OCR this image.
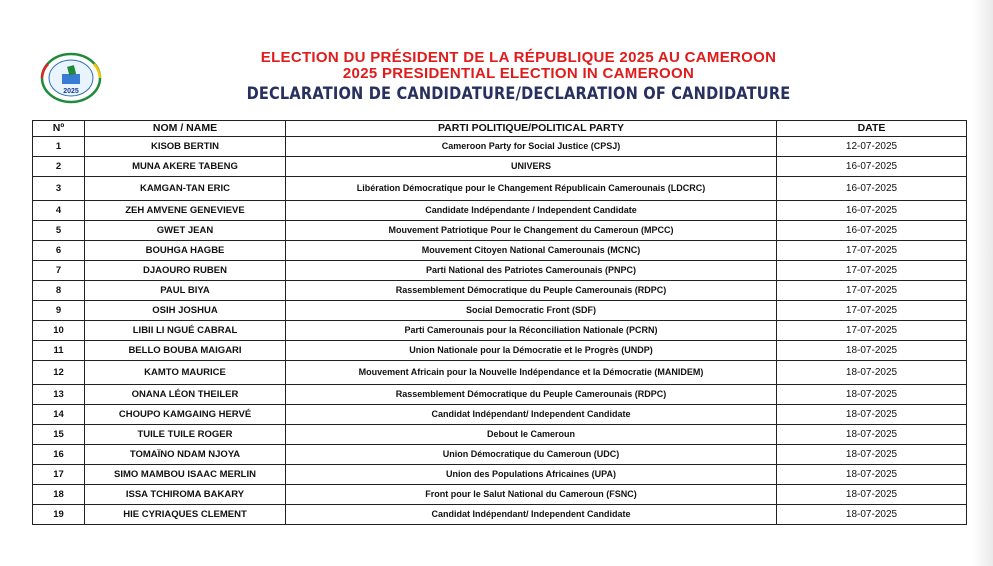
2025
ELECTION DU PRÉSIDENT DE LA RÉPUBLIQUE 2025 AU CAMEROON
2025 PRESIDENTIAL ELECTION IN CAMEROON
DECLARATION DE CANDIDATURE/DECLARATION OF CANDIDATURE
Nº	NOM / NAME	PARTI POLITIQUE/POLITICAL PARTY	DATE
1	KISOB BERTIN	Cameroon Party for Social Justice (CPSJ)	12-07-2025
2	MUNA AKERE TABENG	UNIVERS	16-07-2025
3	KAMGAN-TAN ERIC	Libération Démocratique pour le Changement Républicain Camerounais (LDCRC)	16-07-2025
4	ZEH AMVENE GENEVIEVE	Candidate Indépendante / Independent Candidate	16-07-2025
5	GWET JEAN	Mouvement Patriotique Pour le Changement du Cameroun (MPCC)	16-07-2025
6	BOUHGA HAGBE	Mouvement Citoyen National Camerounais (MCNC)	17-07-2025
7	DJAOURO RUBEN	Parti National des Patriotes Camerounais (PNPC)	17-07-2025
8	PAUL BIYA	Rassemblement Démocratique du Peuple Camerounais (RDPC)	17-07-2025
9	OSIH JOSHUA	Social Democratic Front (SDF)	17-07-2025
10	LIBII LI NGUÉ CABRAL	Parti Camerounais pour la Réconciliation Nationale (PCRN)	17-07-2025
11	BELLO BOUBA MAIGARI	Union Nationale pour la Démocratie et le Progrès (UNDP)	18-07-2025
12	KAMTO MAURICE	Mouvement Africain pour la Nouvelle Indépendance et la Démocratie (MANIDEM)	18-07-2025
13	ONANA LÉON THEILER	Rassemblement Démocratique du Peuple Camerounais (RDPC)	18-07-2025
14	CHOUPO KAMGAING HERVÉ	Candidat Indépendant/ Independent Candidate	18-07-2025
15	TUILE TUILE ROGER	Debout le Cameroun	18-07-2025
16	TOMAÏNO NDAM NJOYA	Union Démocratique du Cameroun (UDC)	18-07-2025
17	SIMO MAMBOU ISAAC MERLIN	Union des Populations Africaines (UPA)	18-07-2025
18	ISSA TCHIROMA BAKARY	Front pour le Salut National du Cameroun (FSNC)	18-07-2025
19	HIE CYRIAQUES CLEMENT	Candidat Indépendant/ Independent Candidate	18-07-2025
